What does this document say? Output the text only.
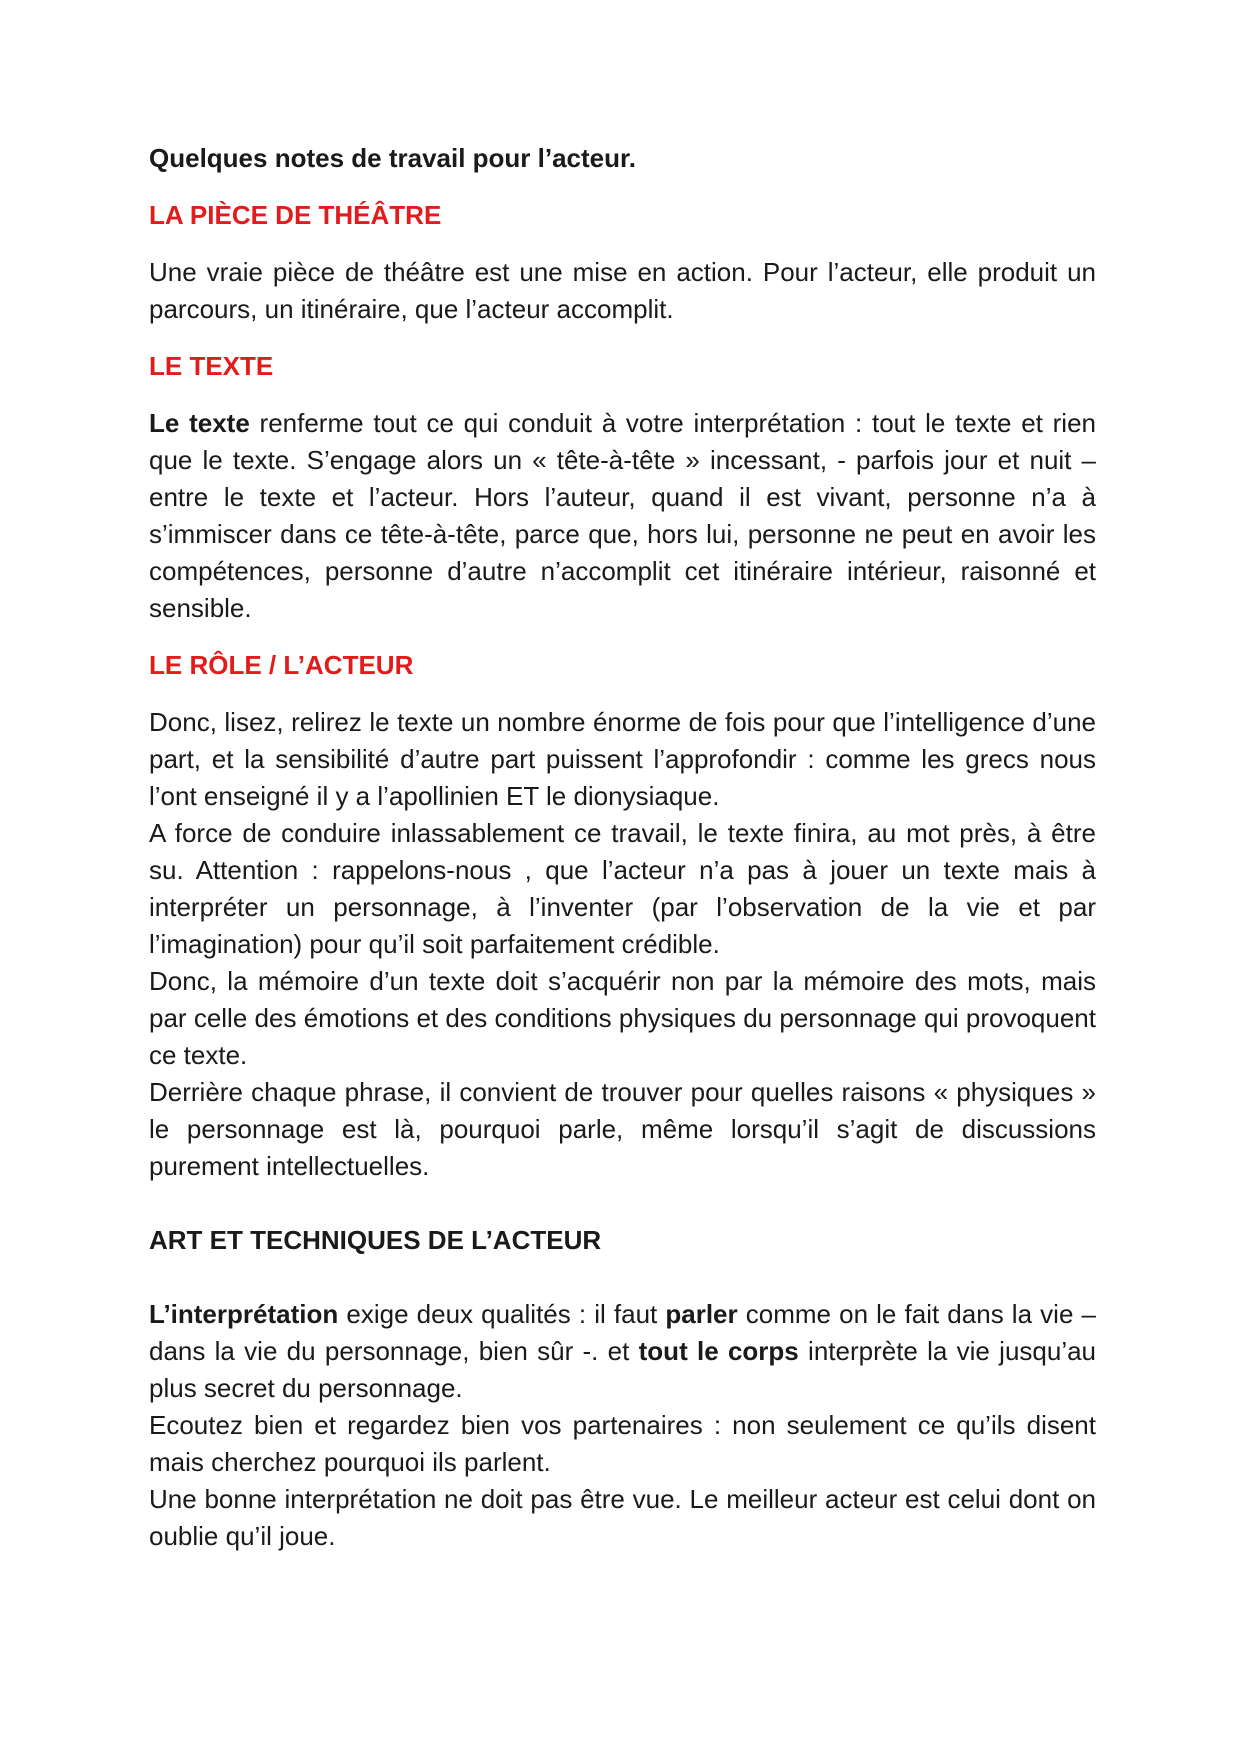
Quelques notes de travail pour l’acteur.
LA PIÈCE DE THÉÂTRE

Une vraie pièce de théâtre est une mise en action. Pour l’acteur, elle produit un parcours, un itinéraire, que l’acteur accomplit.

LE TEXTE

Le texte renferme tout ce qui conduit à votre interprétation : tout le texte et rien que le texte. S’engage alors un « tête-à-tête » incessant, - parfois jour et nuit – entre le texte et l’acteur. Hors l’auteur, quand il est vivant, personne n’a à s’immiscer dans ce tête-à-tête, parce que, hors lui, personne ne peut en avoir les compétences, personne d’autre n’accomplit cet itinéraire intérieur, raisonné et sensible.

LE RÔLE / L’ACTEUR

Donc, lisez, relirez le texte un nombre énorme de fois pour que l’intelligence d’une part, et la sensibilité d’autre part puissent l’approfondir : comme les grecs nous l’ont enseigné il y a l’apollinien ET le dionysiaque.

A force de conduire inlassablement ce travail, le texte finira, au mot près, à être su. Attention : rappelons-nous , que l’acteur n’a pas à jouer un texte mais à interpréter un personnage, à l’inventer (par l’observation de la vie et par l’imagination) pour qu’il soit parfaitement crédible.

Donc, la mémoire d’un texte doit s’acquérir non par la mémoire des mots, mais par celle des émotions et des conditions physiques du personnage qui provoquent ce texte.

Derrière chaque phrase, il convient de trouver pour quelles raisons « physiques » le personnage est là, pourquoi parle, même lorsqu’il s’agit de discussions purement intellectuelles.

ART ET TECHNIQUES DE L’ACTEUR

L’interprétation exige deux qualités : il faut parler comme on le fait dans la vie – dans la vie du personnage, bien sûr -. et tout le corps interprète la vie jusqu’au plus secret du personnage.

Ecoutez bien et regardez bien vos partenaires : non seulement ce qu’ils disent mais cherchez pourquoi ils parlent.

Une bonne interprétation ne doit pas être vue. Le meilleur acteur est celui dont on oublie qu’il joue.
